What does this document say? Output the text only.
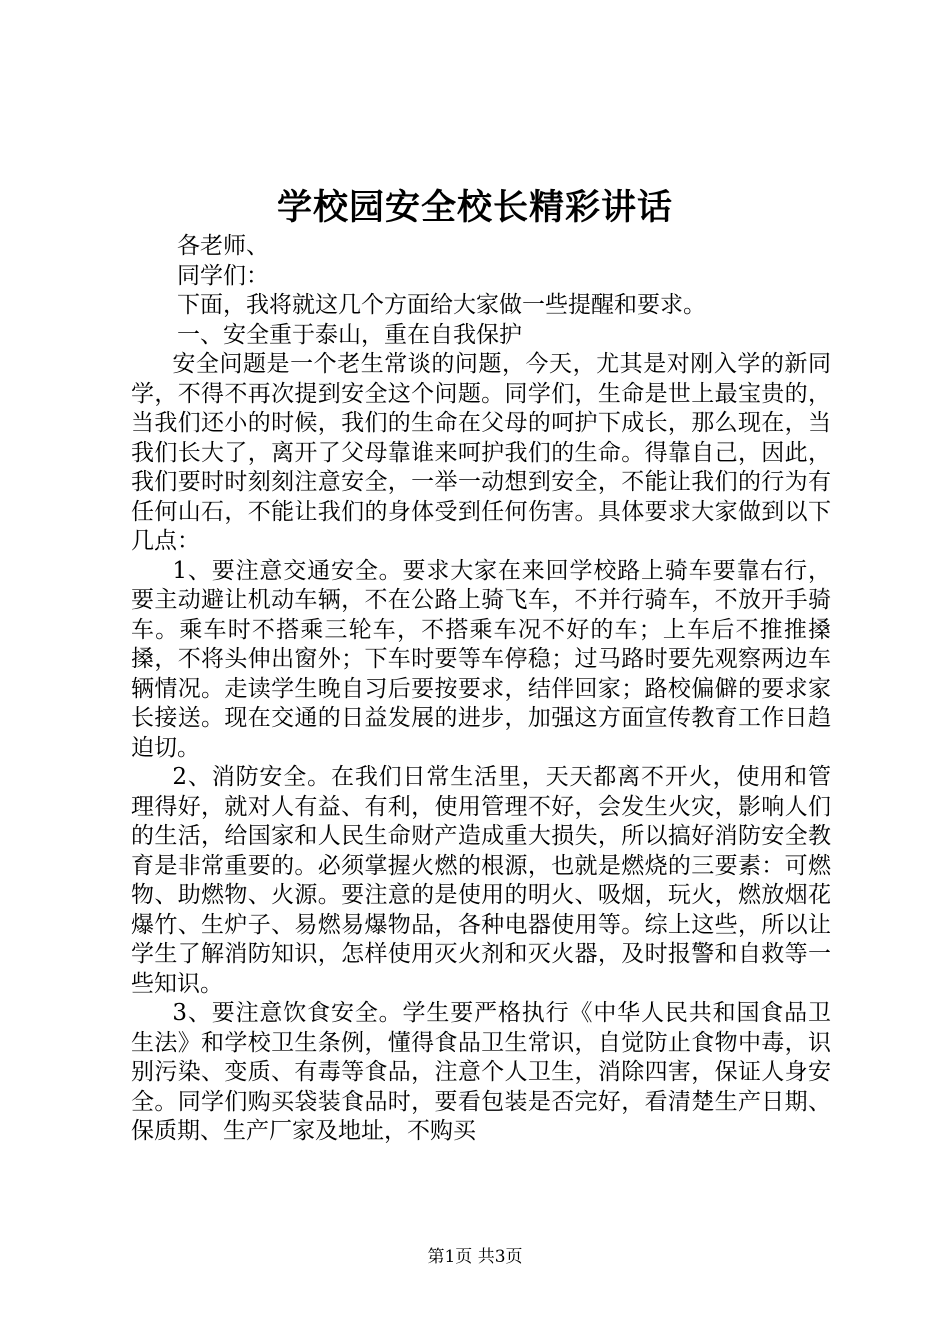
学校园安全校长精彩讲话

各老师、

同学们：

下面，我将就这几个方面给大家做一些提醒和要求。

一、安全重于泰山，重在自我保护

安全问题是一个老生常谈的问题，今天，尤其是对刚入学的新同学，不得不再次提到安全这个问题。同学们，生命是世上最宝贵的，当我们还小的时候，我们的生命在父母的呵护下成长，那么现在，当我们长大了，离开了父母靠谁来呵护我们的生命。得靠自己，因此，我们要时时刻刻注意安全，一举一动想到安全，不能让我们的行为有任何山石，不能让我们的身体受到任何伤害。具体要求大家做到以下几点：

1、要注意交通安全。要求大家在来回学校路上骑车要靠右行，要主动避让机动车辆，不在公路上骑飞车，不并行骑车，不放开手骑车。乘车时不搭乘三轮车，不搭乘车况不好的车；上车后不推推搡搡，不将头伸出窗外；下车时要等车停稳；过马路时要先观察两边车辆情况。走读学生晚自习后要按要求，结伴回家；路校偏僻的要求家长接送。现在交通的日益发展的进步，加强这方面宣传教育工作日趋迫切。

2、消防安全。在我们日常生活里，天天都离不开火，使用和管理得好，就对人有益、有利，使用管理不好，会发生火灾，影响人们的生活，给国家和人民生命财产造成重大损失，所以搞好消防安全教育是非常重要的。必须掌握火燃的根源，也就是燃烧的三要素：可燃物、助燃物、火源。要注意的是使用的明火、吸烟，玩火，燃放烟花爆竹、生炉子、易燃易爆物品，各种电器使用等。综上这些，所以让学生了解消防知识，怎样使用灭火剂和灭火器，及时报警和自救等一些知识。

3、要注意饮食安全。学生要严格执行《中华人民共和国食品卫生法》和学校卫生条例，懂得食品卫生常识，自觉防止食物中毒，识别污染、变质、有毒等食品，注意个人卫生，消除四害，保证人身安全。同学们购买袋装食品时，要看包装是否完好，看清楚生产日期、保质期、生产厂家及地址，不购买

第1页 共3页
